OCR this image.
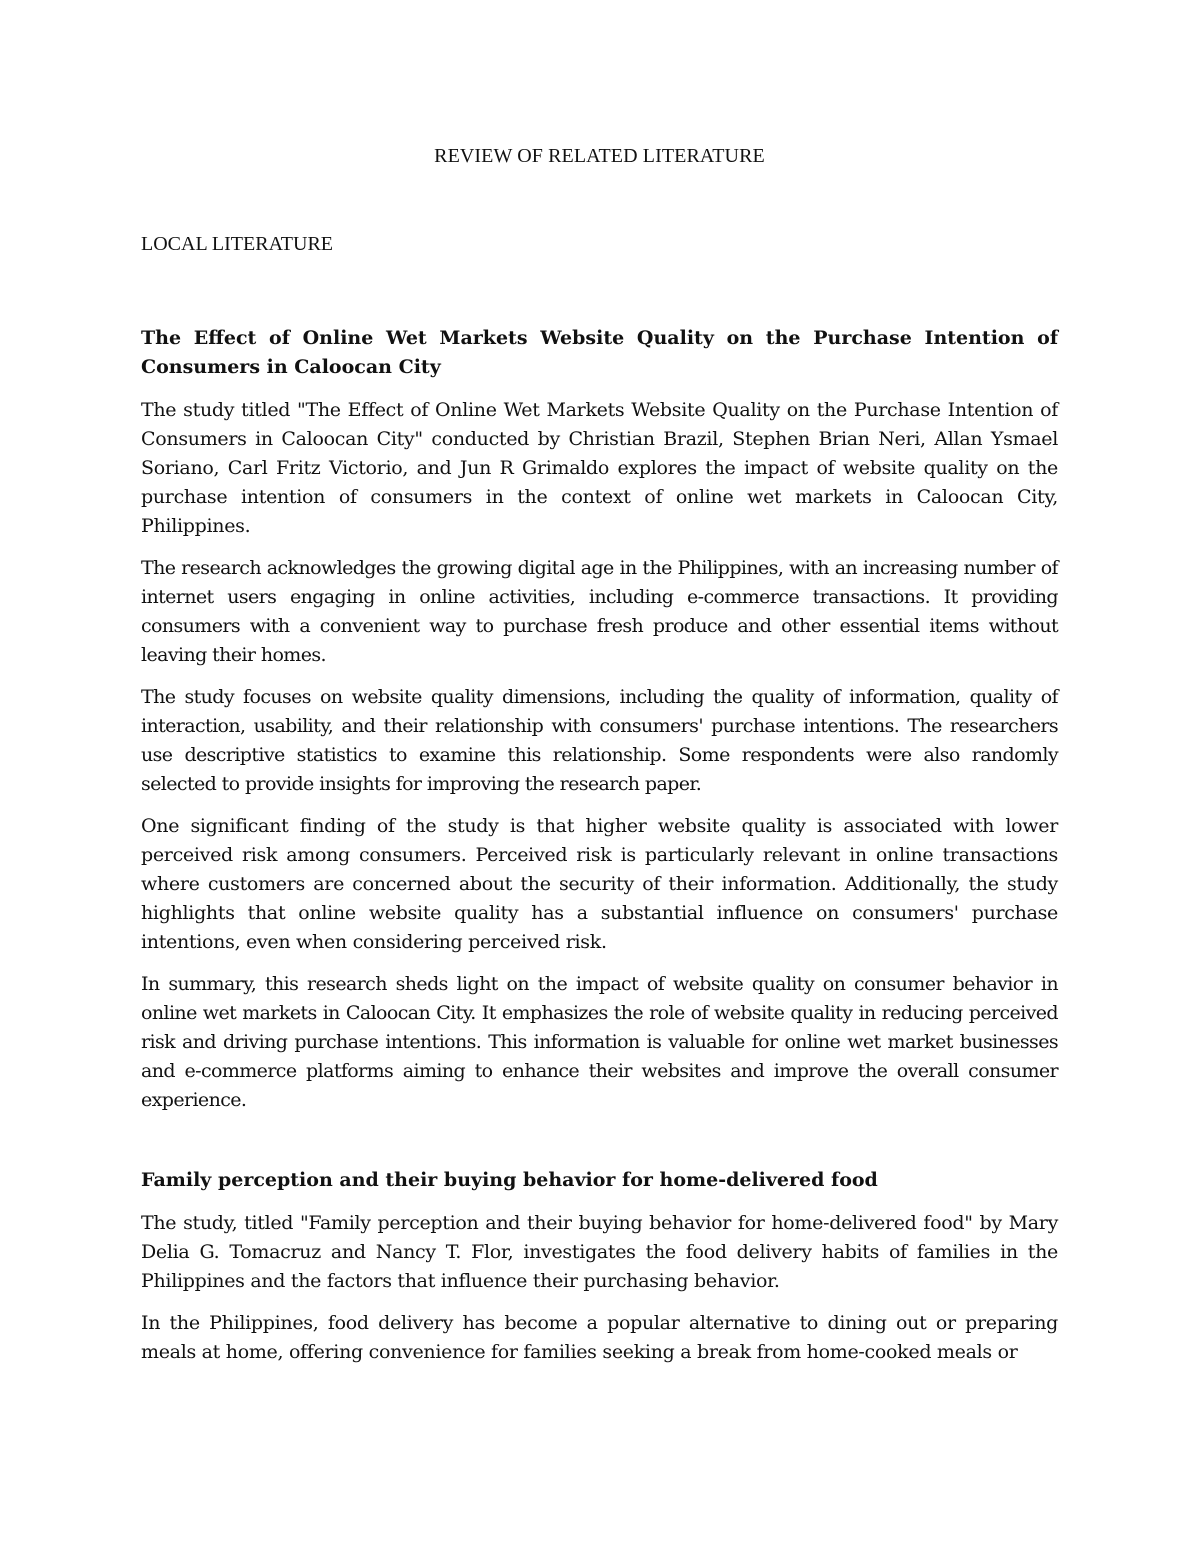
REVIEW OF RELATED LITERATURE
LOCAL LITERATURE
The Effect of Online Wet Markets Website Quality on the Purchase Intention of Consumers in Caloocan City

The study titled "The Effect of Online Wet Markets Website Quality on the Purchase Intention of Consumers in Caloocan City" conducted by Christian Brazil, Stephen Brian Neri, Allan Ysmael Soriano, Carl Fritz Victorio, and Jun R Grimaldo explores the impact of website quality on the purchase intention of consumers in the context of online wet markets in Caloocan City, Philippines.

The research acknowledges the growing digital age in the Philippines, with an increasing number of internet users engaging in online activities, including e-commerce transactions. It providing consumers with a convenient way to purchase fresh produce and other essential items without leaving their homes.

The study focuses on website quality dimensions, including the quality of information, quality of interaction, usability, and their relationship with consumers' purchase intentions. The researchers use descriptive statistics to examine this relationship. Some respondents were also randomly selected to provide insights for improving the research paper.

One significant finding of the study is that higher website quality is associated with lower perceived risk among consumers. Perceived risk is particularly relevant in online transactions where customers are concerned about the security of their information. Additionally, the study highlights that online website quality has a substantial influence on consumers' purchase intentions, even when considering perceived risk.

In summary, this research sheds light on the impact of website quality on consumer behavior in online wet markets in Caloocan City. It emphasizes the role of website quality in reducing perceived risk and driving purchase intentions. This information is valuable for online wet market businesses and e-commerce platforms aiming to enhance their websites and improve the overall consumer experience.

Family perception and their buying behavior for home-delivered food

The study, titled "Family perception and their buying behavior for home-delivered food" by Mary Delia G. Tomacruz and Nancy T. Flor, investigates the food delivery habits of families in the Philippines and the factors that influence their purchasing behavior.

In the Philippines, food delivery has become a popular alternative to dining out or preparing meals at home, offering convenience for families seeking a break from home-cooked meals or
